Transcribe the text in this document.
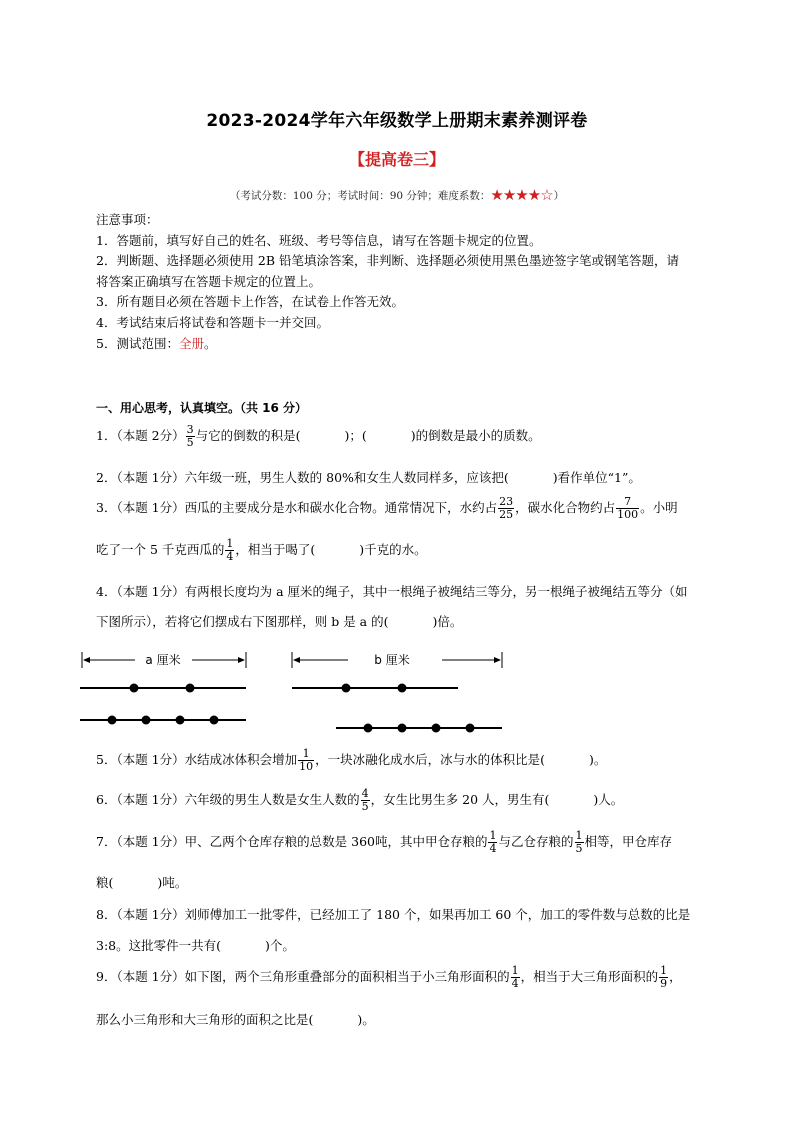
2023-2024学年六年级数学上册期末素养测评卷
【提高卷三】
（考试分数：100 分；考试时间：90 分钟；难度系数：★★★★☆）
注意事项：
1．答题前，填写好自己的姓名、班级、考号等信息，请写在答题卡规定的位置。
2．判断题、选择题必须使用 2B 铅笔填涂答案，非判断、选择题必须使用黑色墨迹签字笔或钢笔答题，请
将答案正确填写在答题卡规定的位置上。
3．所有题目必须在答题卡上作答，在试卷上作答无效。
4．考试结束后将试卷和答题卡一并交回。
5．测试范围：全册。
一、用心思考，认真填空。（共 16 分）
1．（本题 2分） $\frac{3}{5}$ 与它的倒数的积是(	)；(	)的倒数是最小的质数。
2．（本题 1分）六年级一班，男生人数的 80%和女生人数同样多，应该把(	)看作单位“1”。
3．（本题 1分）西瓜的主要成分是水和碳水化合物。通常情况下，水约占 $\frac{23}{25}$ ，碳水化合物约占 $\frac{7}{100}$ 。小明
吃了一个 5 千克西瓜的 $\frac{1}{4}$ ，相当于喝了(	)千克的水。
4．（本题 1分）有两根长度均为 a 厘米的绳子，其中一根绳子被绳结三等分，另一根绳子被绳结五等分（如
下图所示），若将它们摆成右下图那样，则 b 是 a 的(	)倍。
a 厘米	b 厘米
5．（本题 1分）水结成冰体积会增加 $\frac{1}{10}$ ，一块冰融化成水后，冰与水的体积比是(	)。
6．（本题 1分）六年级的男生人数是女生人数的 $\frac{4}{5}$ ，女生比男生多 20 人，男生有(	)人。
7．（本题 1分）甲、乙两个仓库存粮的总数是 360吨，其中甲仓存粮的 $\frac{1}{4}$ 与乙仓存粮的 $\frac{1}{5}$ 相等，甲仓库存
粮(	)吨。
8．（本题 1分）刘师傅加工一批零件，已经加工了 180 个，如果再加工 60 个，加工的零件数与总数的比是
3:8。这批零件一共有(	)个。
9．（本题 1分）如下图，两个三角形重叠部分的面积相当于小三角形面积的 $\frac{1}{4}$ ，相当于大三角形面积的 $\frac{1}{9}$ ，
那么小三角形和大三角形的面积之比是(	)。
